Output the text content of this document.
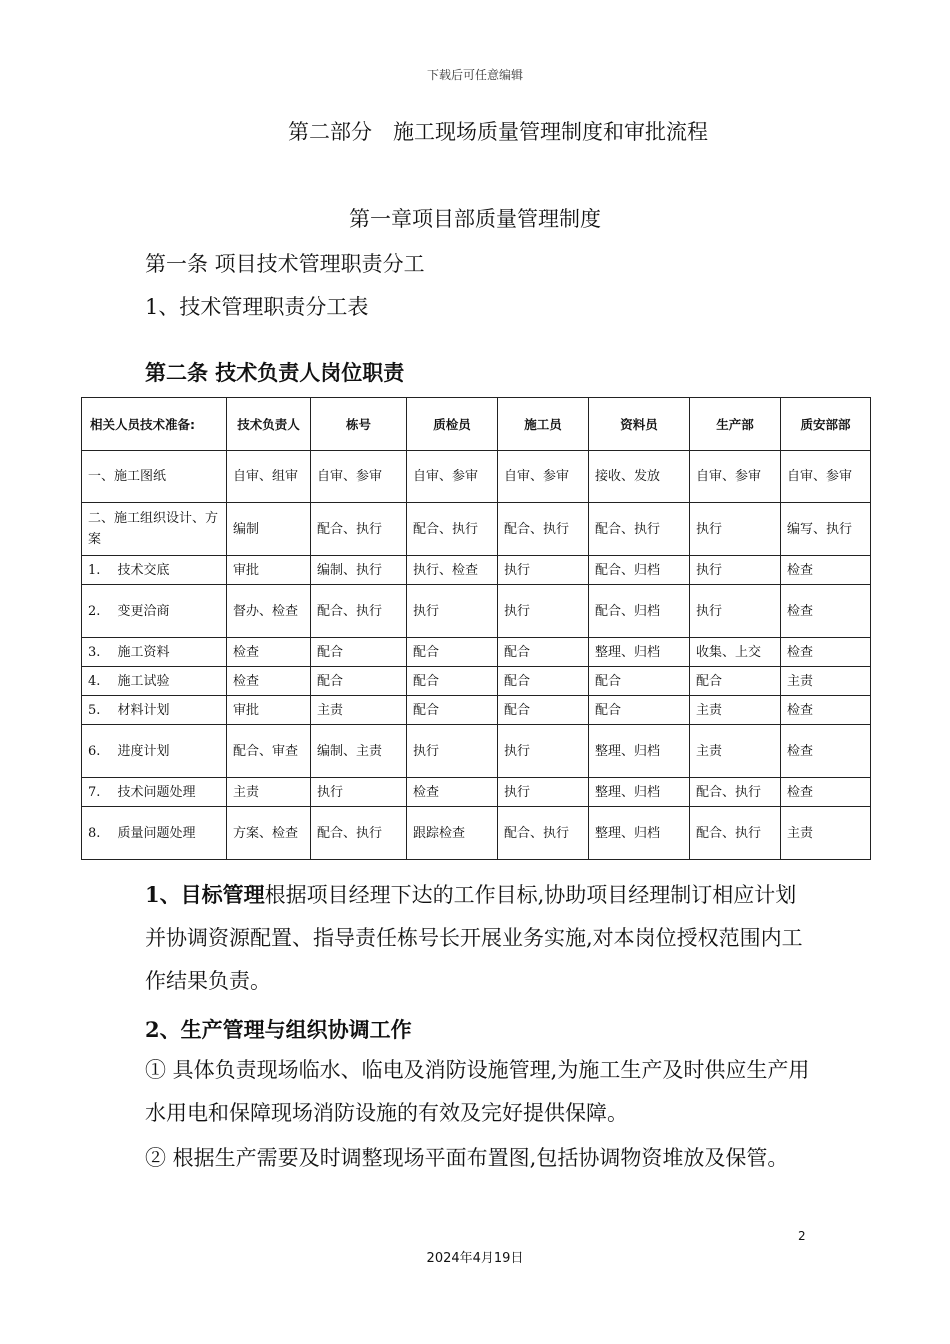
下载后可任意编辑
第二部分　施工现场质量管理制度和审批流程
第一章项目部质量管理制度
第一条 项目技术管理职责分工
1、技术管理职责分工表
第二条 技术负责人岗位职责
相关人员技术准备:	技术负责人	栋号	质检员	施工员	资料员	生产部	质安部部
一、施工图纸	自审、组审	自审、参审	自审、参审	自审、参审	接收、发放	自审、参审	自审、参审
二、施工组织设计、方案	编制	配合、执行	配合、执行	配合、执行	配合、执行	执行	编写、执行
1.　 技术交底	审批	编制、执行	执行、检查	执行	配合、归档	执行	检查
2.　 变更洽商	督办、检查	配合、执行	执行	执行	配合、归档	执行	检查
3.　 施工资料	检查	配合	配合	配合	整理、归档	收集、上交	检查
4.　 施工试验	检查	配合	配合	配合	配合	配合	主责
5.　 材料计划	审批	主责	配合	配合	配合	主责	检查
6.　 进度计划	配合、审查	编制、主责	执行	执行	整理、归档	主责	检查
7.　 技术问题处理	主责	执行	检查	执行	整理、归档	配合、执行	检查
8.　 质量问题处理	方案、检查	配合、执行	跟踪检查	配合、执行	整理、归档	配合、执行	主责
1、目标管理根据项目经理下达的工作目标,协助项目经理制订相应计划并协调资源配置、指导责任栋号长开展业务实施,对本岗位授权范围内工作结果负责。
2、生产管理与组织协调工作
① 具体负责现场临水、临电及消防设施管理,为施工生产及时供应生产用水用电和保障现场消防设施的有效及完好提供保障。
② 根据生产需要及时调整现场平面布置图,包括协调物资堆放及保管。
2
2024年4月19日
